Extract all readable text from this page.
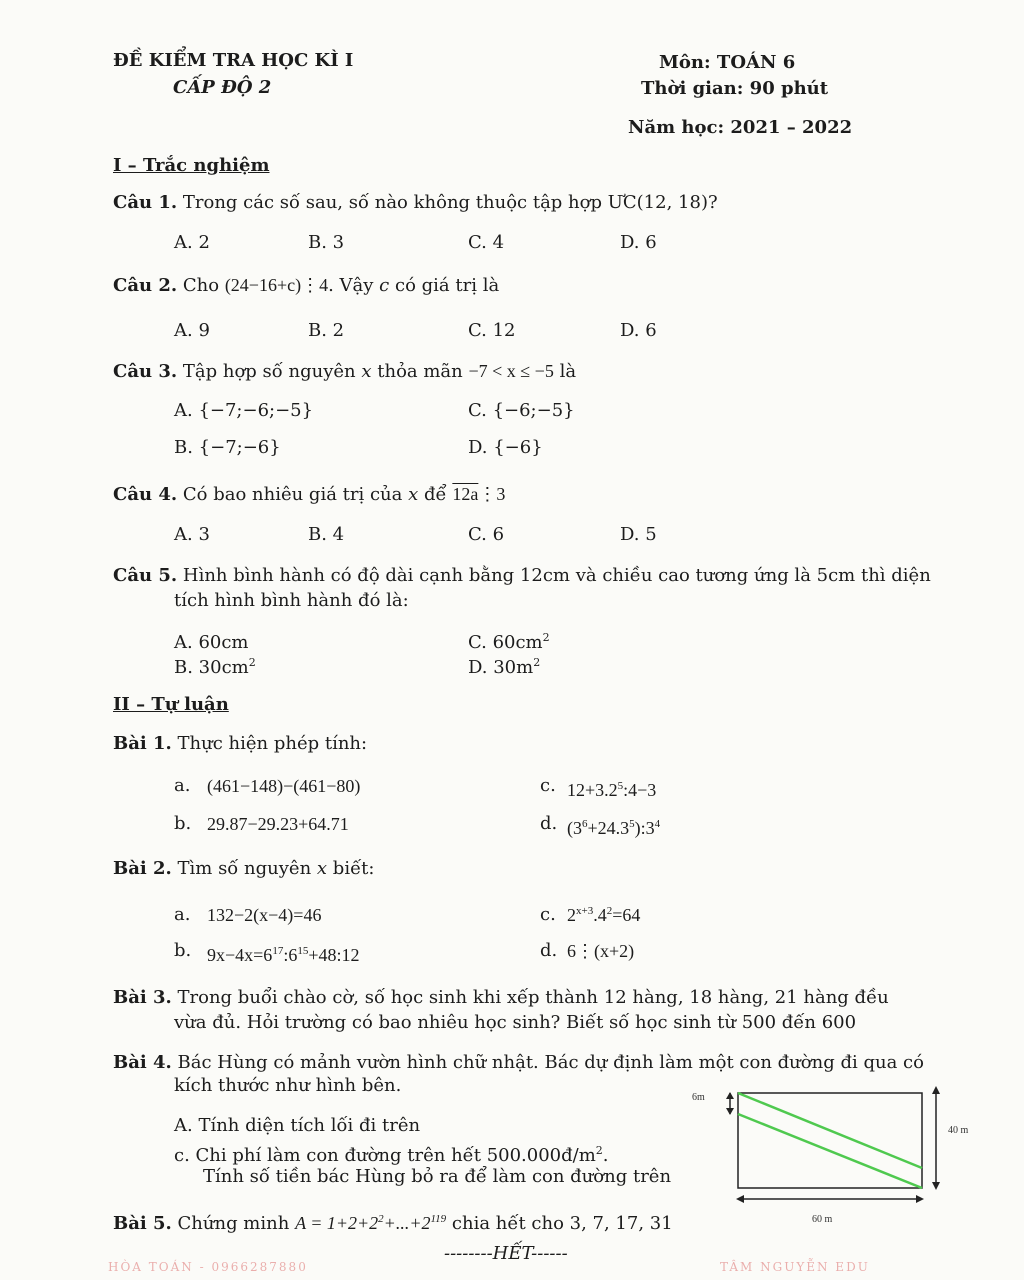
ĐỀ KIỂM TRA HỌC KÌ I
CẤP ĐỘ 2
Môn: TOÁN 6
Thời gian: 90 phút
Năm học: 2021 – 2022
I – Trắc nghiệm
Câu 1. Trong các số sau, số nào không thuộc tập hợp ƯC(12, 18)?
A. 2	B. 3	C. 4	D. 6
Câu 2. Cho (24−16+c)⋮4. Vậy c có giá trị là
A. 9	B. 2	C. 12	D. 6
Câu 3. Tập hợp số nguyên x thỏa mãn −7 < x ≤ −5 là
A. {−7;−6;−5}	C. {−6;−5}
B. {−7;−6}	D. {−6}
Câu 4. Có bao nhiêu giá trị của x để 12a⋮3
A. 3	B. 4	C. 6	D. 5
Câu 5. Hình bình hành có độ dài cạnh bằng 12cm và chiều cao tương ứng là 5cm thì diện
tích hình bình hành đó là:
A. 60cm	C. $60cm^2$
B. $30cm^2$	D. $30m^2$
II – Tự luận
Bài 1. Thực hiện phép tính:
a. (461−148)−(461−80)	c. $12+3.2^5:4-3$
b. 29.87−29.23+64.71	d. $(3^6+24.3^5):3^4$
Bài 2. Tìm số nguyên x biết:
a. 132−2(x−4)=46	c. $2^{x+3}.4^2=64$
b. $9x-4x=6^{17}:6^{15}+48:12$	d. 6⋮(x+2)
Bài 3. Trong buổi chào cờ, số học sinh khi xếp thành 12 hàng, 18 hàng, 21 hàng đều
vừa đủ. Hỏi trường có bao nhiêu học sinh? Biết số học sinh từ 500 đến 600
Bài 4. Bác Hùng có mảnh vườn hình chữ nhật. Bác dự định làm một con đường đi qua có
kích thước như hình bên.
A. Tính diện tích lối đi trên
c. Chi phí làm con đường trên hết $500.000đ/m^2$.
Tính số tiền bác Hùng bỏ ra để làm con đường trên
6m
40 m
60 m
Bài 5. Chứng minh $A = 1+2+2^2+...+2^{119}$ chia hết cho 3, 7, 17, 31
--------HẾT------
HÒA TOÁN - 0966287880	TÂM NGUYỄN EDU
